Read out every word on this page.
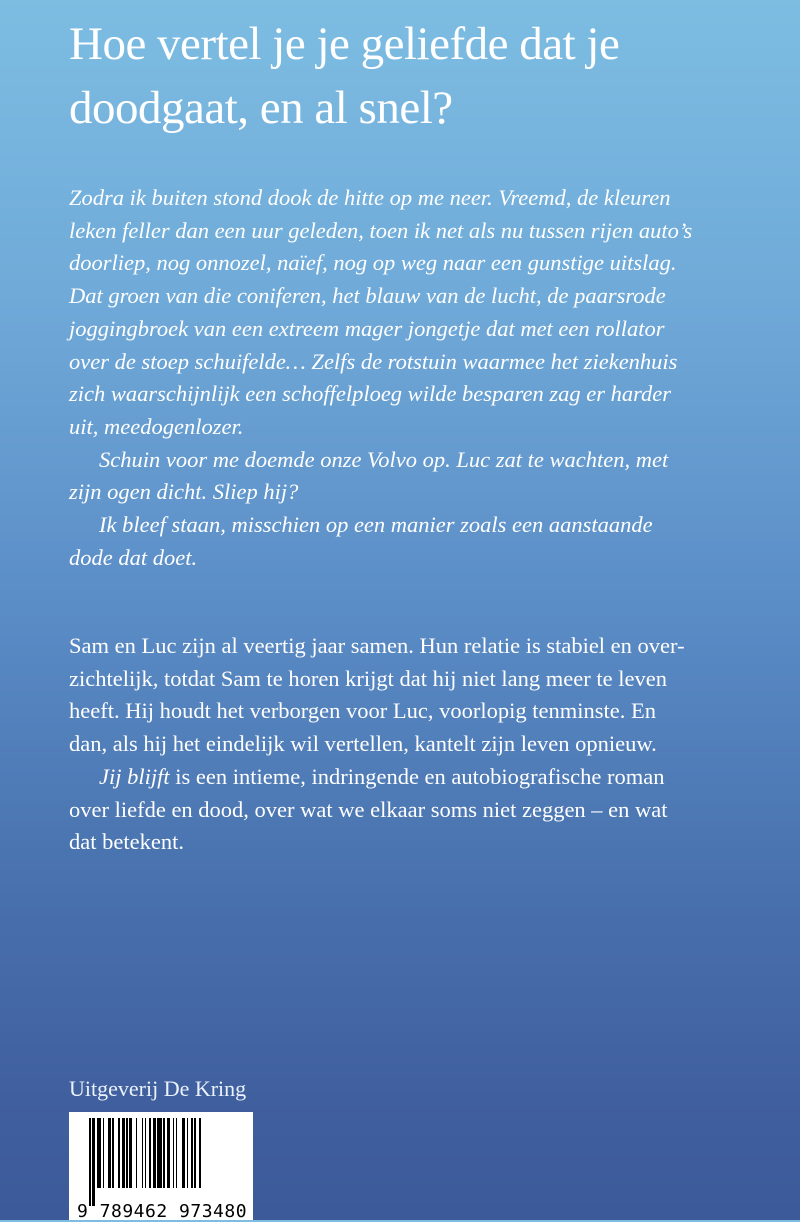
Hoe vertel je je geliefde dat je
doodgaat, en al snel?
Zodra ik buiten stond dook de hitte op me neer. Vreemd, de kleuren
leken feller dan een uur geleden, toen ik net als nu tussen rijen auto’s
doorliep, nog onnozel, naïef, nog op weg naar een gunstige uitslag.
Dat groen van die coniferen, het blauw van de lucht, de paarsrode
joggingbroek van een extreem mager jongetje dat met een rollator
over de stoep schuifelde… Zelfs de rotstuin waarmee het ziekenhuis
zich waarschijnlijk een schoffelploeg wilde besparen zag er harder
uit, meedogenlozer.
Schuin voor me doemde onze Volvo op. Luc zat te wachten, met
zijn ogen dicht. Sliep hij?
Ik bleef staan, misschien op een manier zoals een aanstaande
dode dat doet.
Sam en Luc zijn al veertig jaar samen. Hun relatie is stabiel en over-
zichtelijk, totdat Sam te horen krijgt dat hij niet lang meer te leven
heeft. Hij houdt het verborgen voor Luc, voorlopig tenminste. En
dan, als hij het eindelijk wil vertellen, kantelt zijn leven opnieuw.
Jij blijft is een intieme, indringende en autobiografische roman
over liefde en dood, over wat we elkaar soms niet zeggen – en wat
dat betekent.
Uitgeverij De Kring
9 789462 973480
